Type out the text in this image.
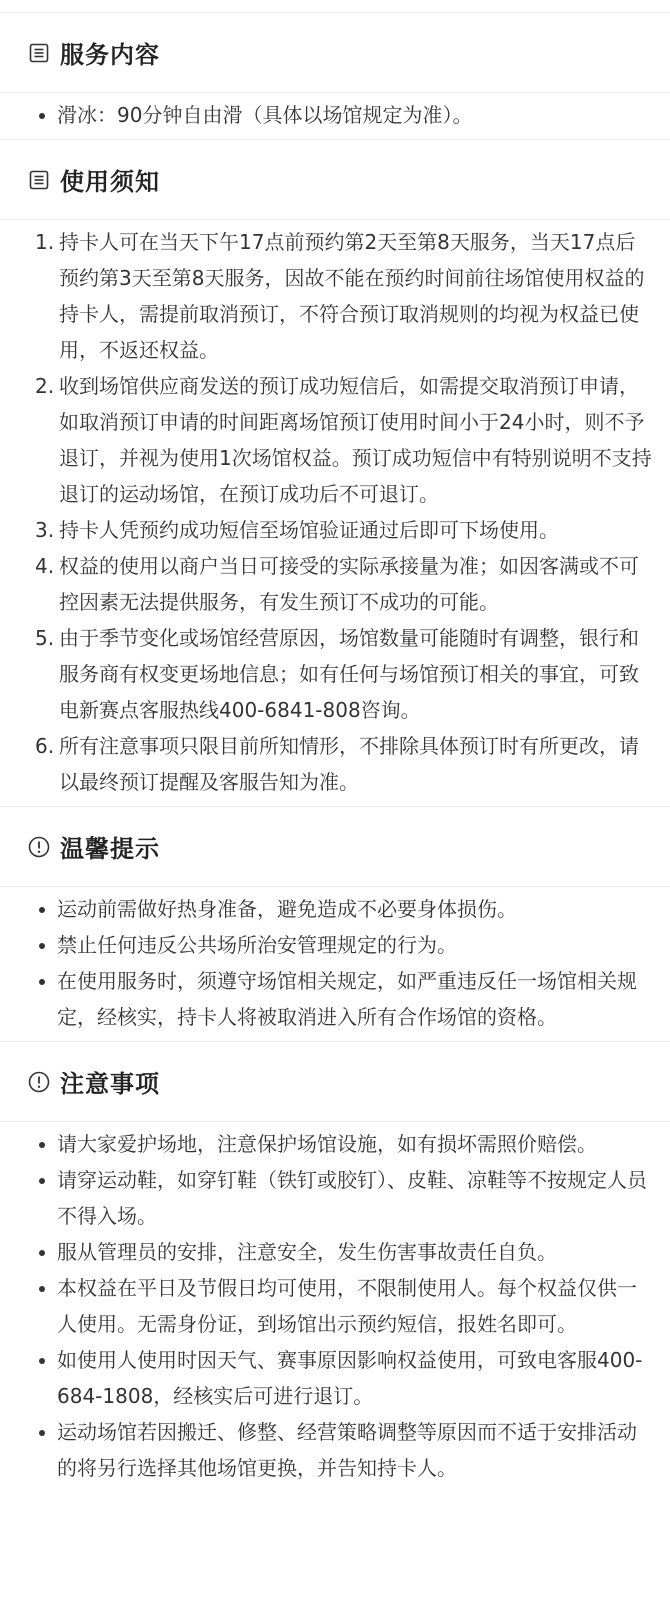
服务内容
滑冰：90分钟自由滑（具体以场馆规定为准）。
使用须知
1. 持卡人可在当天下午17点前预约第2天至第8天服务，当天17点后预约第3天至第8天服务，因故不能在预约时间前往场馆使用权益的持卡人，需提前取消预订，不符合预订取消规则的均视为权益已使用，不返还权益。
2. 收到场馆供应商发送的预订成功短信后，如需提交取消预订申请，如取消预订申请的时间距离场馆预订使用时间小于24小时，则不予退订，并视为使用1次场馆权益。预订成功短信中有特别说明不支持退订的运动场馆，在预订成功后不可退订。
3. 持卡人凭预约成功短信至场馆验证通过后即可下场使用。
4. 权益的使用以商户当日可接受的实际承接量为准；如因客满或不可控因素无法提供服务，有发生预订不成功的可能。
5. 由于季节变化或场馆经营原因，场馆数量可能随时有调整，银行和服务商有权变更场地信息；如有任何与场馆预订相关的事宜，可致电新赛点客服热线400-6841-808咨询。
6. 所有注意事项只限目前所知情形，不排除具体预订时有所更改，请以最终预订提醒及客服告知为准。
温馨提示
运动前需做好热身准备，避免造成不必要身体损伤。
禁止任何违反公共场所治安管理规定的行为。
在使用服务时，须遵守场馆相关规定，如严重违反任一场馆相关规定，经核实，持卡人将被取消进入所有合作场馆的资格。
注意事项
请大家爱护场地，注意保护场馆设施，如有损坏需照价赔偿。
请穿运动鞋，如穿钉鞋（铁钉或胶钉）、皮鞋、凉鞋等不按规定人员不得入场。
服从管理员的安排，注意安全，发生伤害事故责任自负。
本权益在平日及节假日均可使用，不限制使用人。每个权益仅供一人使用。无需身份证，到场馆出示预约短信，报姓名即可。
如使用人使用时因天气、赛事原因影响权益使用，可致电客服400-684-1808，经核实后可进行退订。
运动场馆若因搬迁、修整、经营策略调整等原因而不适于安排活动的将另行选择其他场馆更换，并告知持卡人。
